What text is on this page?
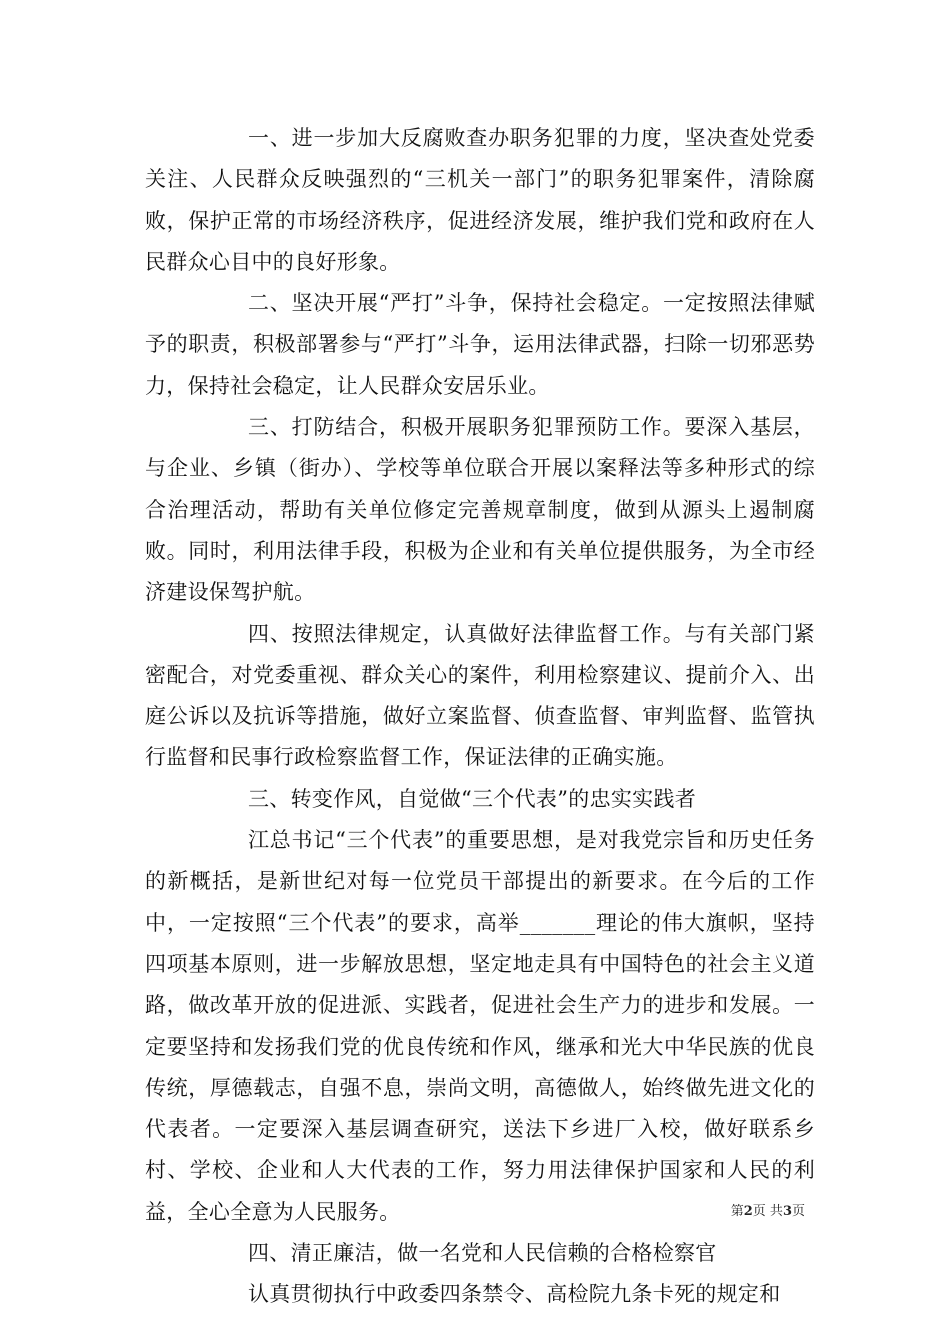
一、进一步加大反腐败查办职务犯罪的力度，坚决查处党委关注、人民群众反映强烈的“三机关一部门”的职务犯罪案件，清除腐败，保护正常的市场经济秩序，促进经济发展，维护我们党和政府在人民群众心目中的良好形象。

二、坚决开展“严打”斗争，保持社会稳定。一定按照法律赋予的职责，积极部署参与“严打”斗争，运用法律武器，扫除一切邪恶势力，保持社会稳定，让人民群众安居乐业。

三、打防结合，积极开展职务犯罪预防工作。要深入基层，与企业、乡镇（街办）、学校等单位联合开展以案释法等多种形式的综合治理活动，帮助有关单位修定完善规章制度，做到从源头上遏制腐败。同时，利用法律手段，积极为企业和有关单位提供服务，为全市经济建设保驾护航。

四、按照法律规定，认真做好法律监督工作。与有关部门紧密配合，对党委重视、群众关心的案件，利用检察建议、提前介入、出庭公诉以及抗诉等措施，做好立案监督、侦查监督、审判监督、监管执行监督和民事行政检察监督工作，保证法律的正确实施。

三、转变作风，自觉做“三个代表”的忠实实践者

江总书记“三个代表”的重要思想，是对我党宗旨和历史任务的新概括，是新世纪对每一位党员干部提出的新要求。在今后的工作中，一定按照“三个代表”的要求，高举_______理论的伟大旗帜，坚持四项基本原则，进一步解放思想，坚定地走具有中国特色的社会主义道路，做改革开放的促进派、实践者，促进社会生产力的进步和发展。一定要坚持和发扬我们党的优良传统和作风，继承和光大中华民族的优良传统，厚德载志，自强不息，崇尚文明，高德做人，始终做先进文化的代表者。一定要深入基层调查研究，送法下乡进厂入校，做好联系乡村、学校、企业和人大代表的工作，努力用法律保护国家和人民的利益，全心全意为人民服务。

四、清正廉洁，做一名党和人民信赖的合格检察官

认真贯彻执行中政委四条禁令、高检院九条卡死的规定和

第2页 共3页
